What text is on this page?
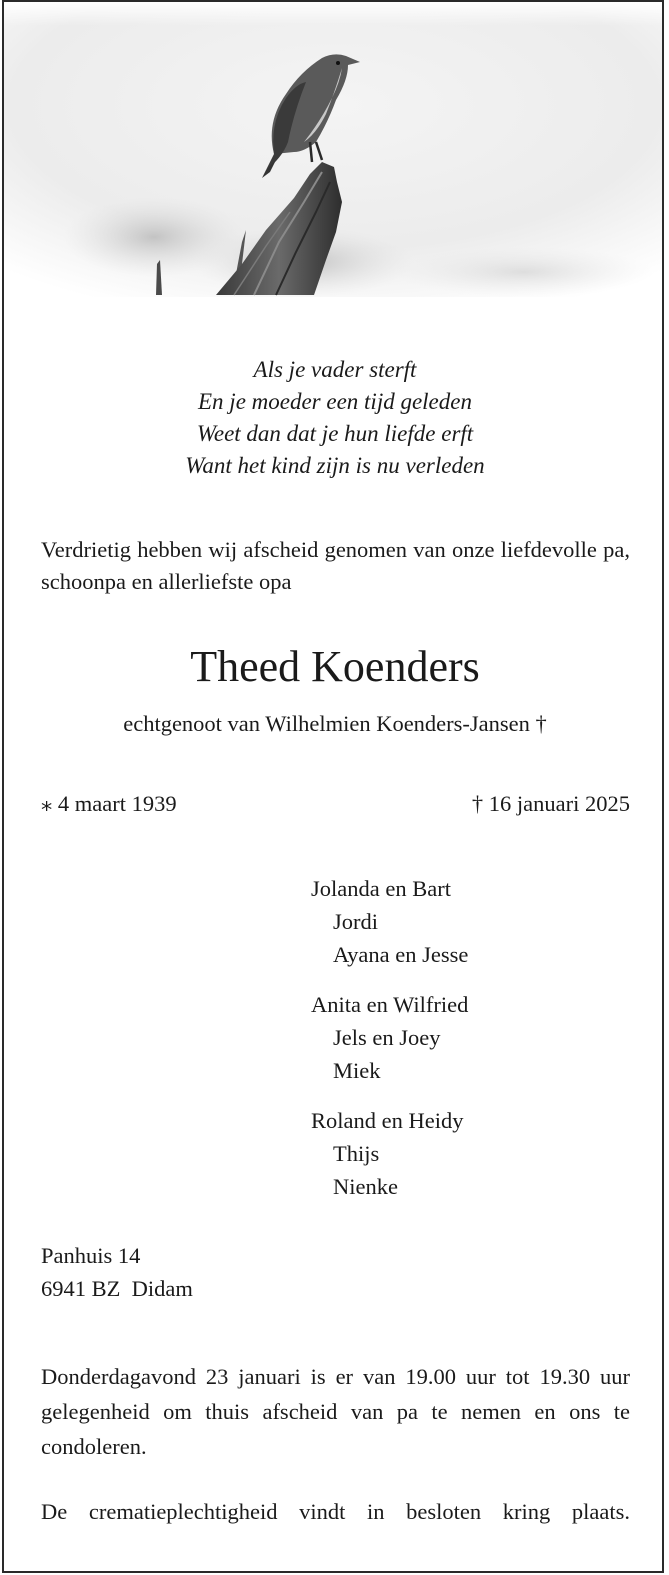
Als je vader sterft
En je moeder een tijd geleden
Weet dan dat je hun liefde erft
Want het kind zijn is nu verleden
Verdrietig hebben wij afscheid genomen van onze liefdevolle pa, schoonpa en allerliefste opa
Theed Koenders
echtgenoot van Wilhelmien Koenders-Jansen †
⁎ 4 maart 1939	† 16 januari 2025
Jolanda en Bart
Jordi
Ayana en Jesse
Anita en Wilfried
Jels en Joey
Miek
Roland en Heidy
Thijs
Nienke
Panhuis 14
6941 BZ  Didam
Donderdagavond 23 januari is er van 19.00 uur tot 19.30 uur gelegenheid om thuis afscheid van pa te nemen en ons te condoleren.
De crematieplechtigheid vindt in besloten kring plaats.
